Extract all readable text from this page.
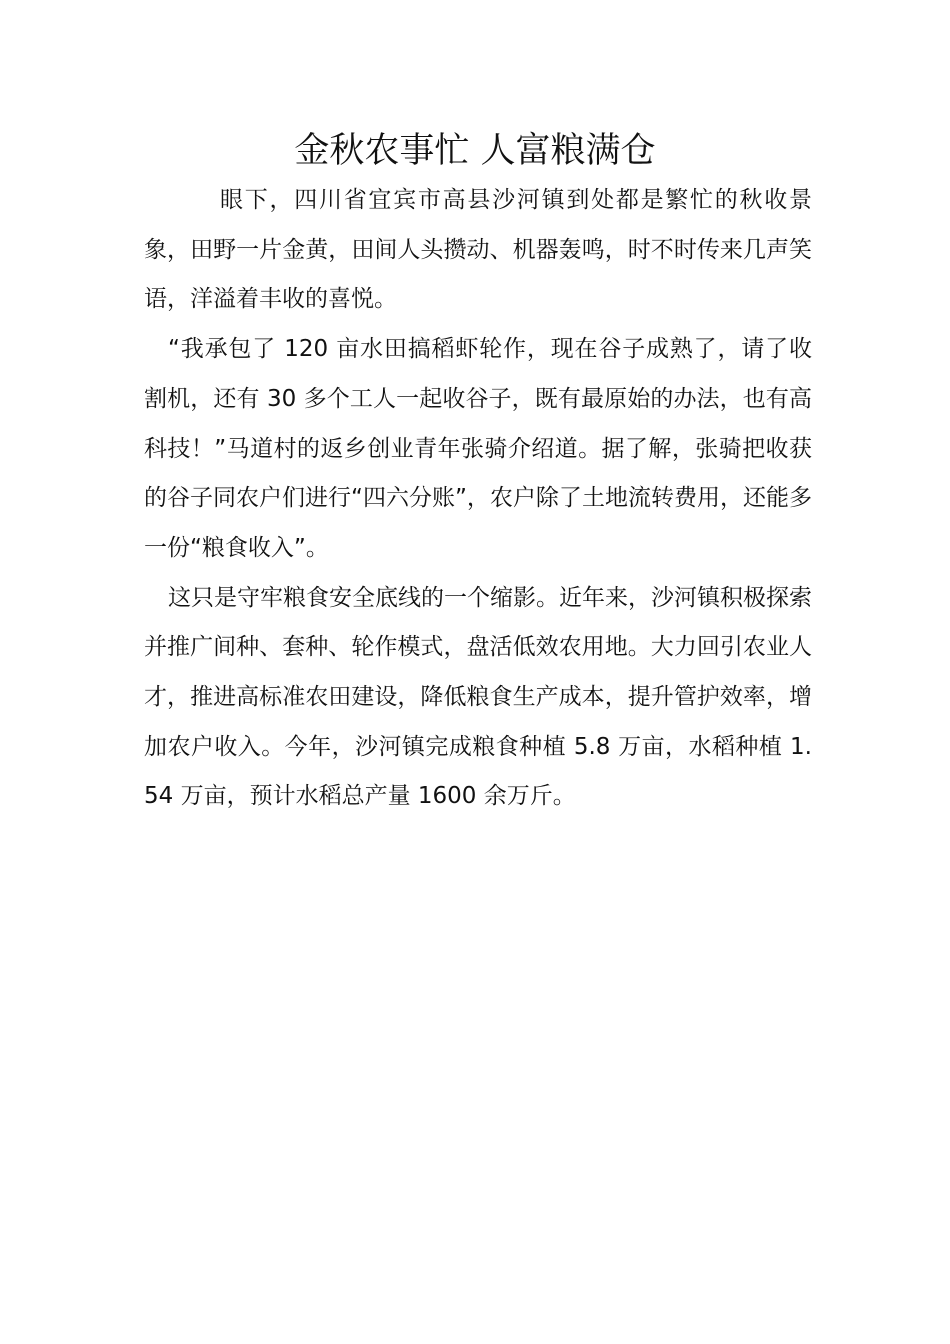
金秋农事忙 人富粮满仓

眼下，四川省宜宾市高县沙河镇到处都是繁忙的秋收景象，田野一片金黄，田间人头攒动、机器轰鸣，时不时传来几声笑语，洋溢着丰收的喜悦。

“我承包了 120 亩水田搞稻虾轮作，现在谷子成熟了，请了收割机，还有 30 多个工人一起收谷子，既有最原始的办法，也有高科技！”马道村的返乡创业青年张骑介绍道。据了解，张骑把收获的谷子同农户们进行“四六分账”，农户除了土地流转费用，还能多一份“粮食收入”。

这只是守牢粮食安全底线的一个缩影。近年来，沙河镇积极探索并推广间种、套种、轮作模式，盘活低效农用地。大力回引农业人才，推进高标准农田建设，降低粮食生产成本，提升管护效率，增加农户收入。今年，沙河镇完成粮食种植 5.8 万亩，水稻种植 1.54 万亩，预计水稻总产量 1600 余万斤。
